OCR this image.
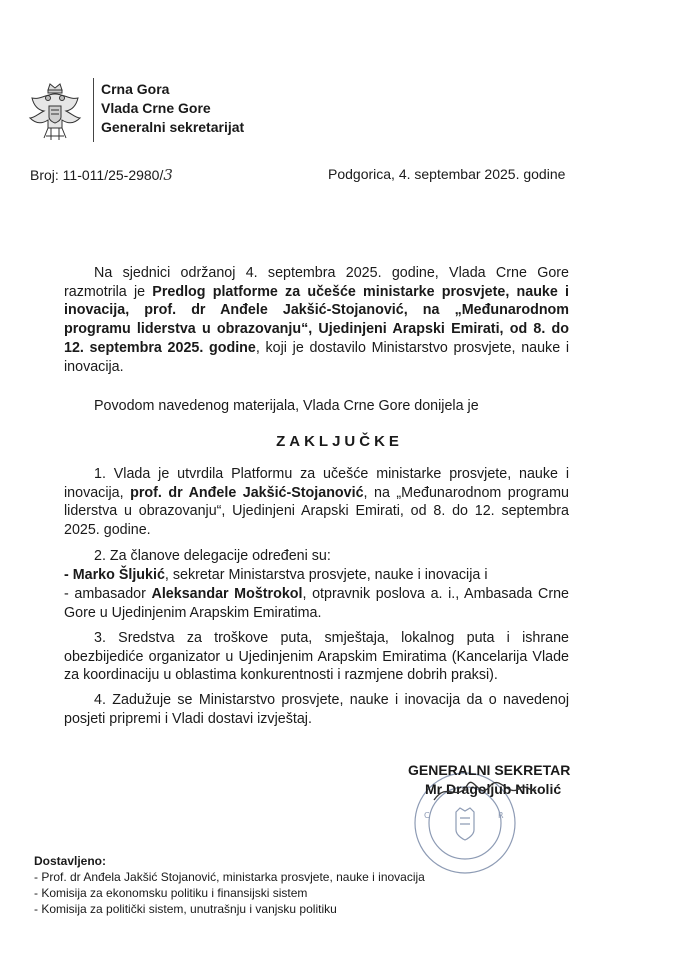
Crna Gora
Vlada Crne Gore
Generalni sekretarijat
Broj: 11-011/25-2980/3	Podgorica, 4. septembar 2025. godine

Na sjednici održanoj 4. septembra 2025. godine, Vlada Crne Gore razmotrila je Predlog platforme za učešće ministarke prosvjete, nauke i inovacija, prof. dr Anđele Jakšić-Stojanović, na „Međunarodnom programu liderstva u obrazovanju“, Ujedinjeni Arapski Emirati, od 8. do 12. septembra 2025. godine, koji je dostavilo Ministarstvo prosvjete, nauke i inovacija.

Povodom navedenog materijala, Vlada Crne Gore donijela je

ZAKLJUČKE

1. Vlada je utvrdila Platformu za učešće ministarke prosvjete, nauke i inovacija, prof. dr Anđele Jakšić-Stojanović, na „Međunarodnom programu liderstva u obrazovanju“, Ujedinjeni Arapski Emirati, od 8. do 12. septembra 2025. godine.

2. Za članove delegacije određeni su:

- Marko Šljukić, sekretar Ministarstva prosvjete, nauke i inovacija i

- ambasador Aleksandar Moštrokol, otpravnik poslova a. i., Ambasada Crne Gore u Ujedinjenim Arapskim Emiratima.

3. Sredstva za troškove puta, smještaja, lokalnog puta i ishrane obezbijediće organizator u Ujedinjenim Arapskim Emiratima (Kancelarija Vlade za koordinaciju u oblastima konkurentnosti i razmjene dobrih praksi).

4. Zadužuje se Ministarstvo prosvjete, nauke i inovacija da o navedenoj posjeti pripremi i Vladi dostavi izvještaj.

C	R
GENERALNI SEKRETAR
Mr Dragoljub Nikolić
Dostavljeno:
- Prof. dr Anđela Jakšić Stojanović, ministarka prosvjete, nauke i inovacija
- Komisija za ekonomsku politiku i finansijski sistem
- Komisija za politički sistem, unutrašnju i vanjsku politiku
